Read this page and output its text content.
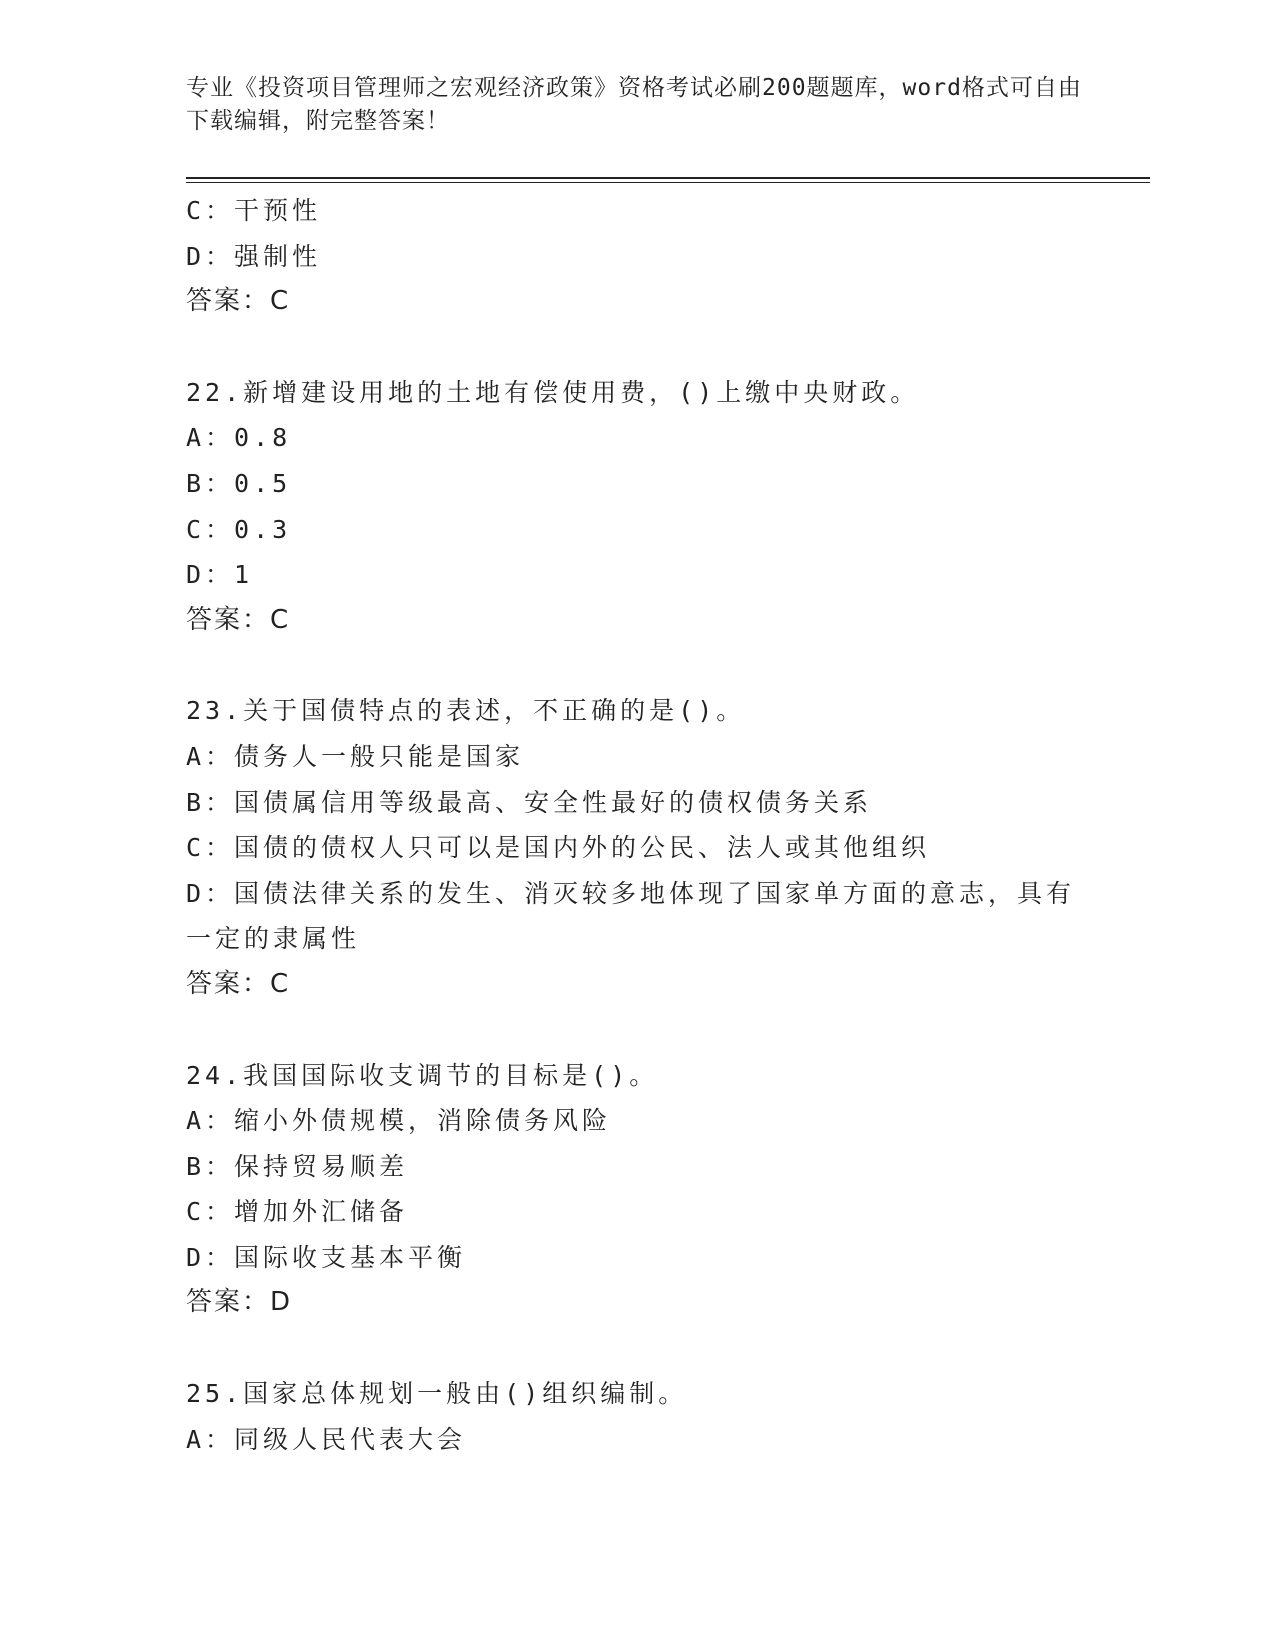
专业《投资项目管理师之宏观经济政策》资格考试必刷200题题库，word格式可自由下载编辑，附完整答案！
C：干预性
D：强制性
答案：C
22.新增建设用地的土地有偿使用费，()上缴中央财政。
A：0.8
B：0.5
C：0.3
D：1
答案：C
23.关于国债特点的表述，不正确的是()。
A：债务人一般只能是国家
B：国债属信用等级最高、安全性最好的债权债务关系
C：国债的债权人只可以是国内外的公民、法人或其他组织
D：国债法律关系的发生、消灭较多地体现了国家单方面的意志，具有一定的隶属性
答案：C
24.我国国际收支调节的目标是()。
A：缩小外债规模，消除债务风险
B：保持贸易顺差
C：增加外汇储备
D：国际收支基本平衡
答案：D
25.国家总体规划一般由()组织编制。
A：同级人民代表大会
